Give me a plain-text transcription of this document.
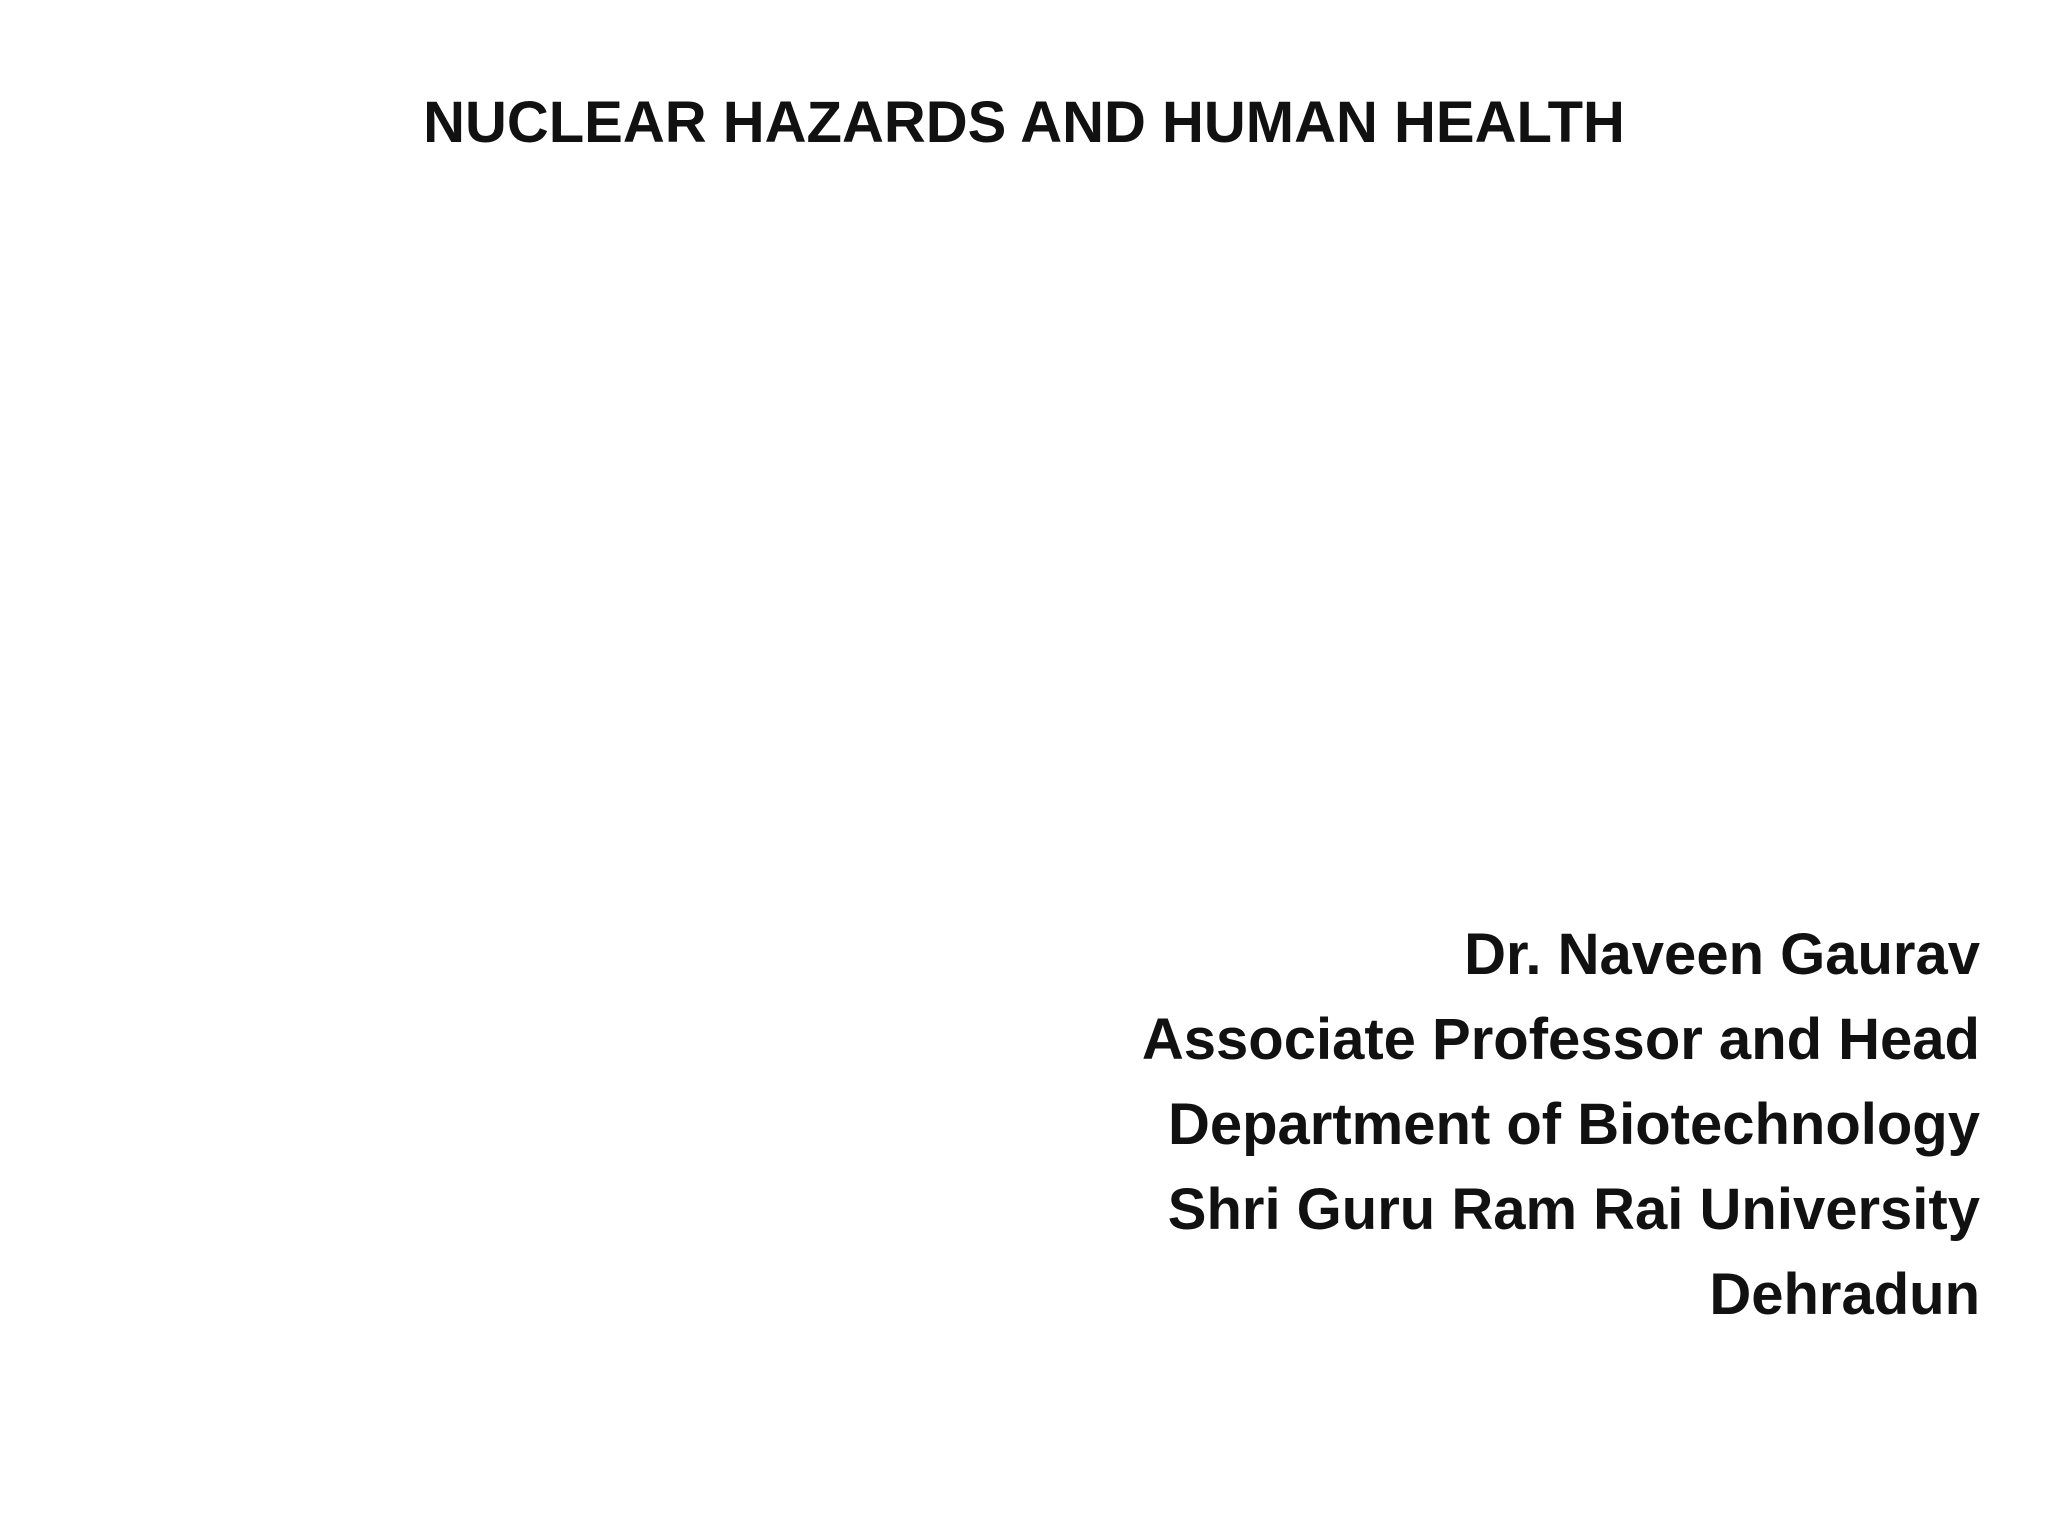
NUCLEAR HAZARDS AND HUMAN HEALTH
Dr. Naveen Gaurav
Associate Professor and Head
Department of Biotechnology
Shri Guru Ram Rai University
Dehradun
